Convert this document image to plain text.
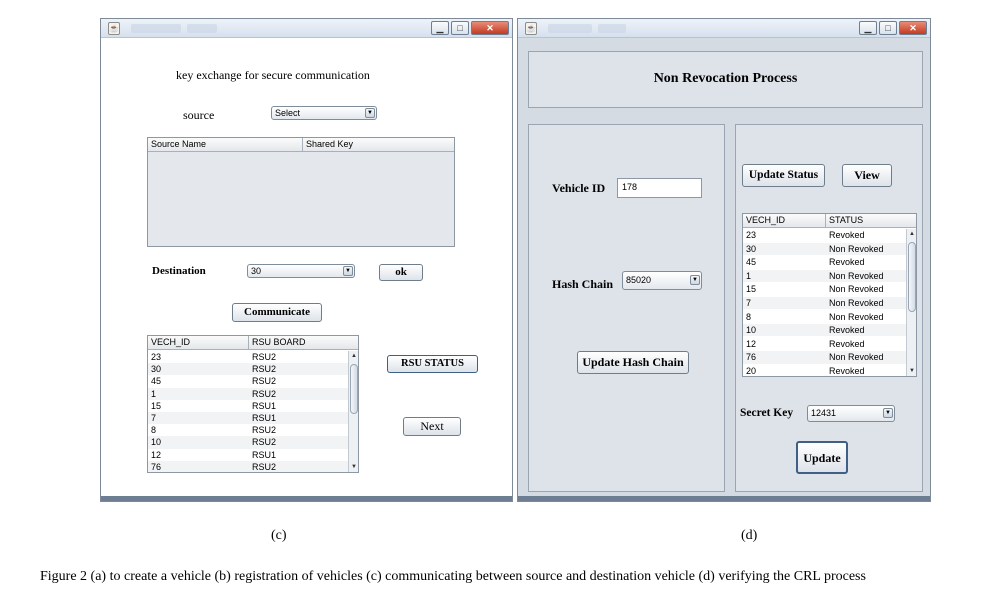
☕	▁	□	✕
key exchange for secure communication
source	Select	▼
Source Name	Shared Key
Destination	30	▼	ok
Communicate
VECH_ID	RSU BOARD
23	RSU2
30	RSU2
45	RSU2
1	RSU2
15	RSU1
7	RSU1
8	RSU2
10	RSU2
12	RSU1
76	RSU2
▲
▼
RSU STATUS
Next
☕	▁	□	✕
Non Revocation Process
Vehicle ID	178
Hash Chain	85020	▼
Update Hash Chain
Update Status	View
VECH_ID	STATUS
23	Revoked
30	Non Revoked
45	Revoked
1	Non Revoked
15	Non Revoked
7	Non Revoked
8	Non Revoked
10	Revoked
12	Revoked
76	Non Revoked
20	Revoked
▲
▼
Secret Key	12431	▼
Update
(c)	(d)
Figure 2 (a) to create a vehicle (b) registration of vehicles (c) communicating between source and destination vehicle (d) verifying the CRL process
